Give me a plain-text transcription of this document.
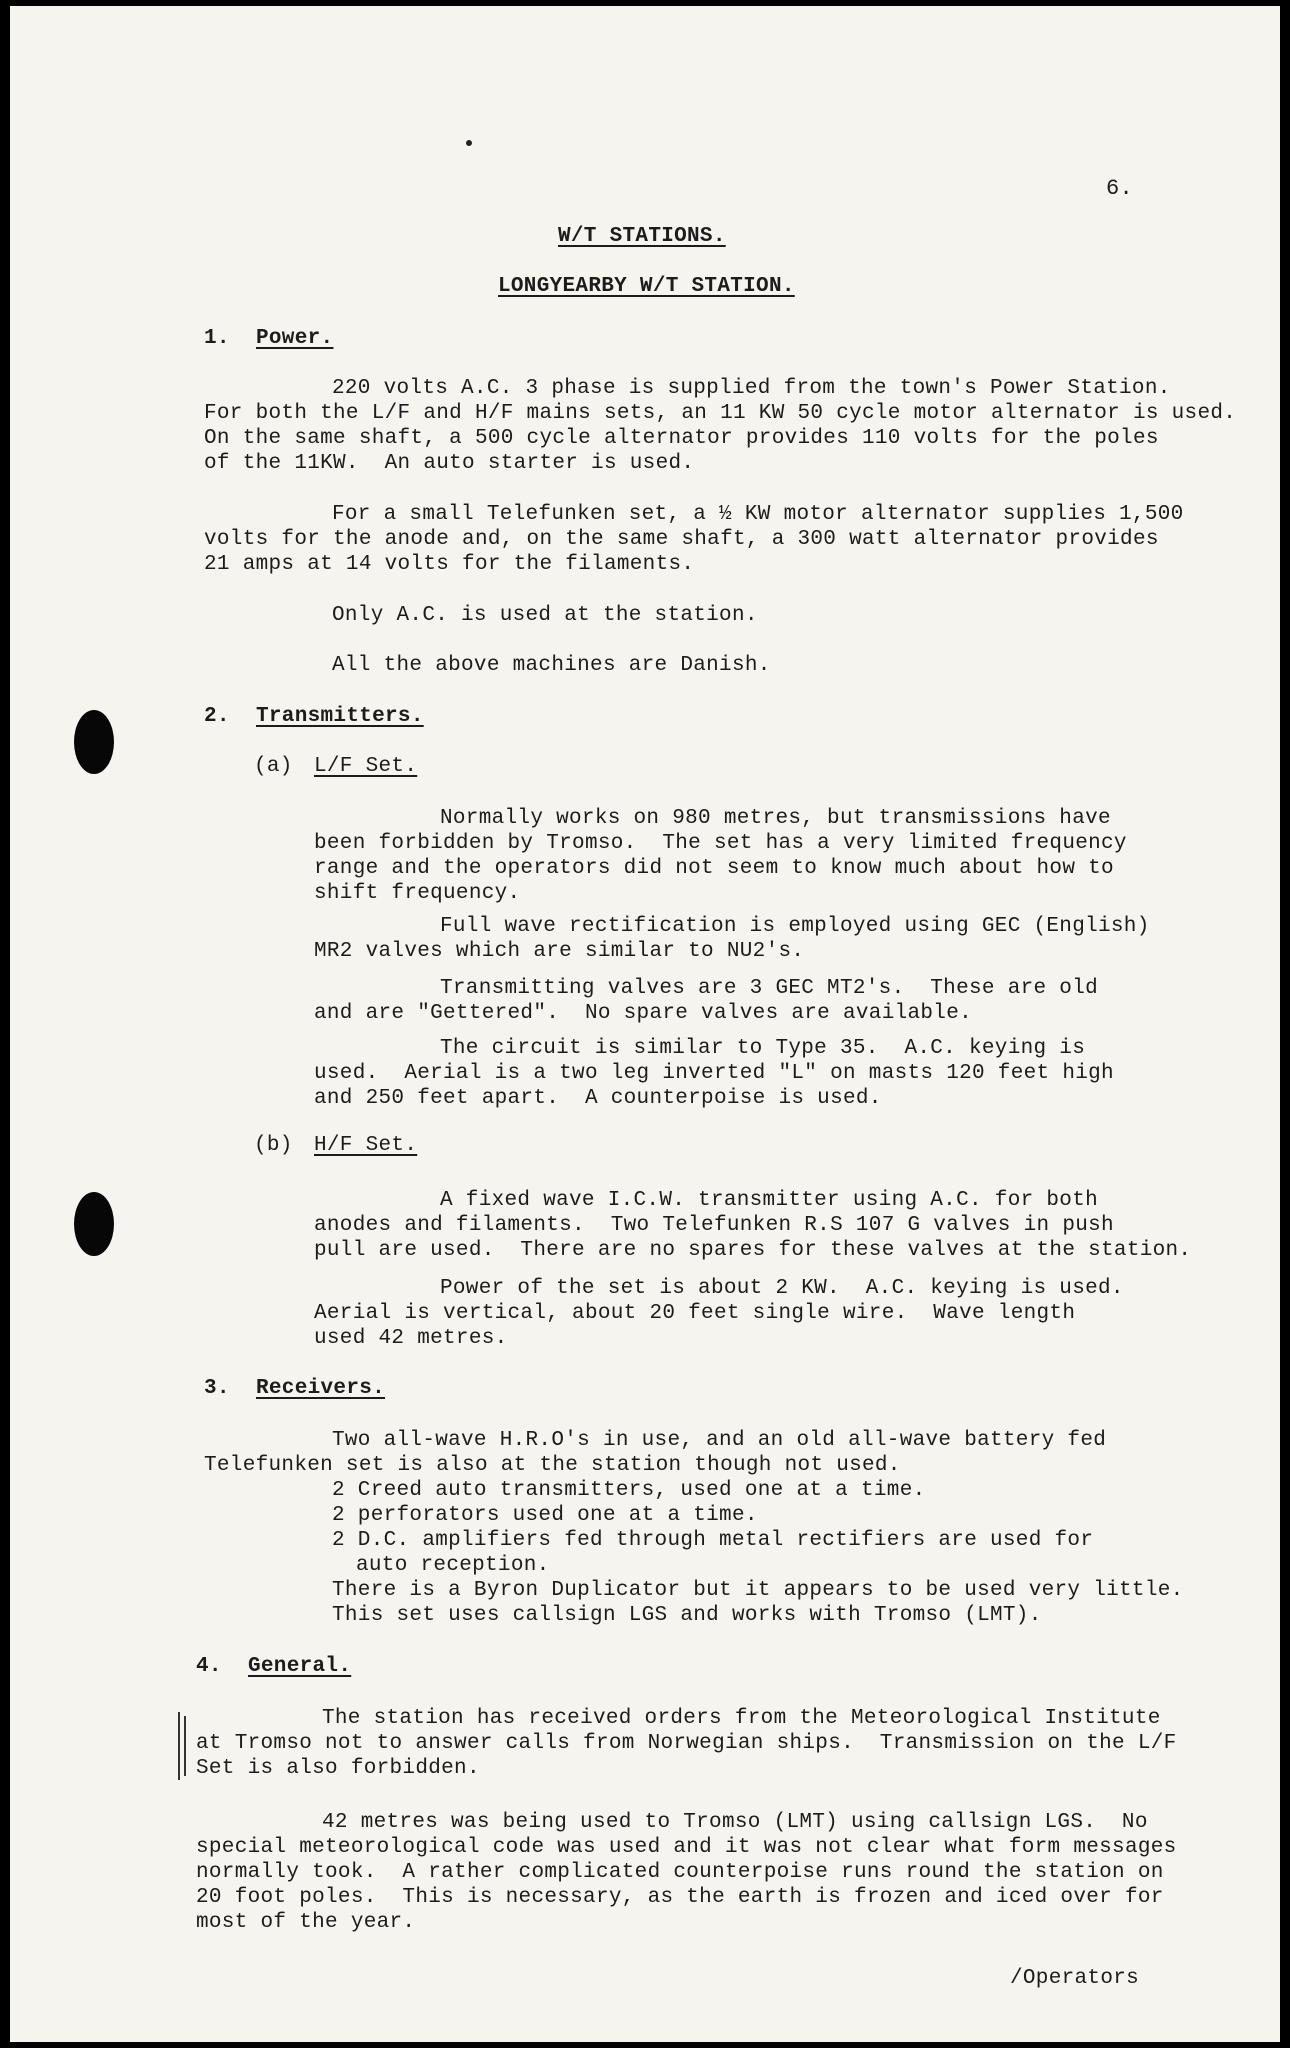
6.

W/T STATIONS.

LONGYEARBY W/T STATION.

1. Power.

220 volts A.C. 3 phase is supplied from the town's Power Station.

For both the L/F and H/F mains sets, an 11 KW 50 cycle motor alternator is used.

On the same shaft, a 500 cycle alternator provides 110 volts for the poles

of the 11KW.  An auto starter is used.

For a small Telefunken set, a ½ KW motor alternator supplies 1,500

volts for the anode and, on the same shaft, a 300 watt alternator provides

21 amps at 14 volts for the filaments.

Only A.C. is used at the station.

All the above machines are Danish.

2. Transmitters.

(a) L/F Set.

Normally works on 980 metres, but transmissions have

been forbidden by Tromso.  The set has a very limited frequency

range and the operators did not seem to know much about how to

shift frequency.

Full wave rectification is employed using GEC (English)

MR2 valves which are similar to NU2's.

Transmitting valves are 3 GEC MT2's.  These are old

and are "Gettered".  No spare valves are available.

The circuit is similar to Type 35.  A.C. keying is

used.  Aerial is a two leg inverted "L" on masts 120 feet high

and 250 feet apart.  A counterpoise is used.

(b) H/F Set.

A fixed wave I.C.W. transmitter using A.C. for both

anodes and filaments.  Two Telefunken R.S 107 G valves in push

pull are used.  There are no spares for these valves at the station.

Power of the set is about 2 KW.  A.C. keying is used.

Aerial is vertical, about 20 feet single wire.  Wave length

used 42 metres.

3. Receivers.

Two all-wave H.R.O's in use, and an old all-wave battery fed

Telefunken set is also at the station though not used.

2 Creed auto transmitters, used one at a time.

2 perforators used one at a time.

2 D.C. amplifiers fed through metal rectifiers are used for

auto reception.

There is a Byron Duplicator but it appears to be used very little.

This set uses callsign LGS and works with Tromso (LMT).

4. General.

The station has received orders from the Meteorological Institute

at Tromso not to answer calls from Norwegian ships.  Transmission on the L/F

Set is also forbidden.

42 metres was being used to Tromso (LMT) using callsign LGS.  No

special meteorological code was used and it was not clear what form messages

normally took.  A rather complicated counterpoise runs round the station on

20 foot poles.  This is necessary, as the earth is frozen and iced over for

most of the year.

/Operators
